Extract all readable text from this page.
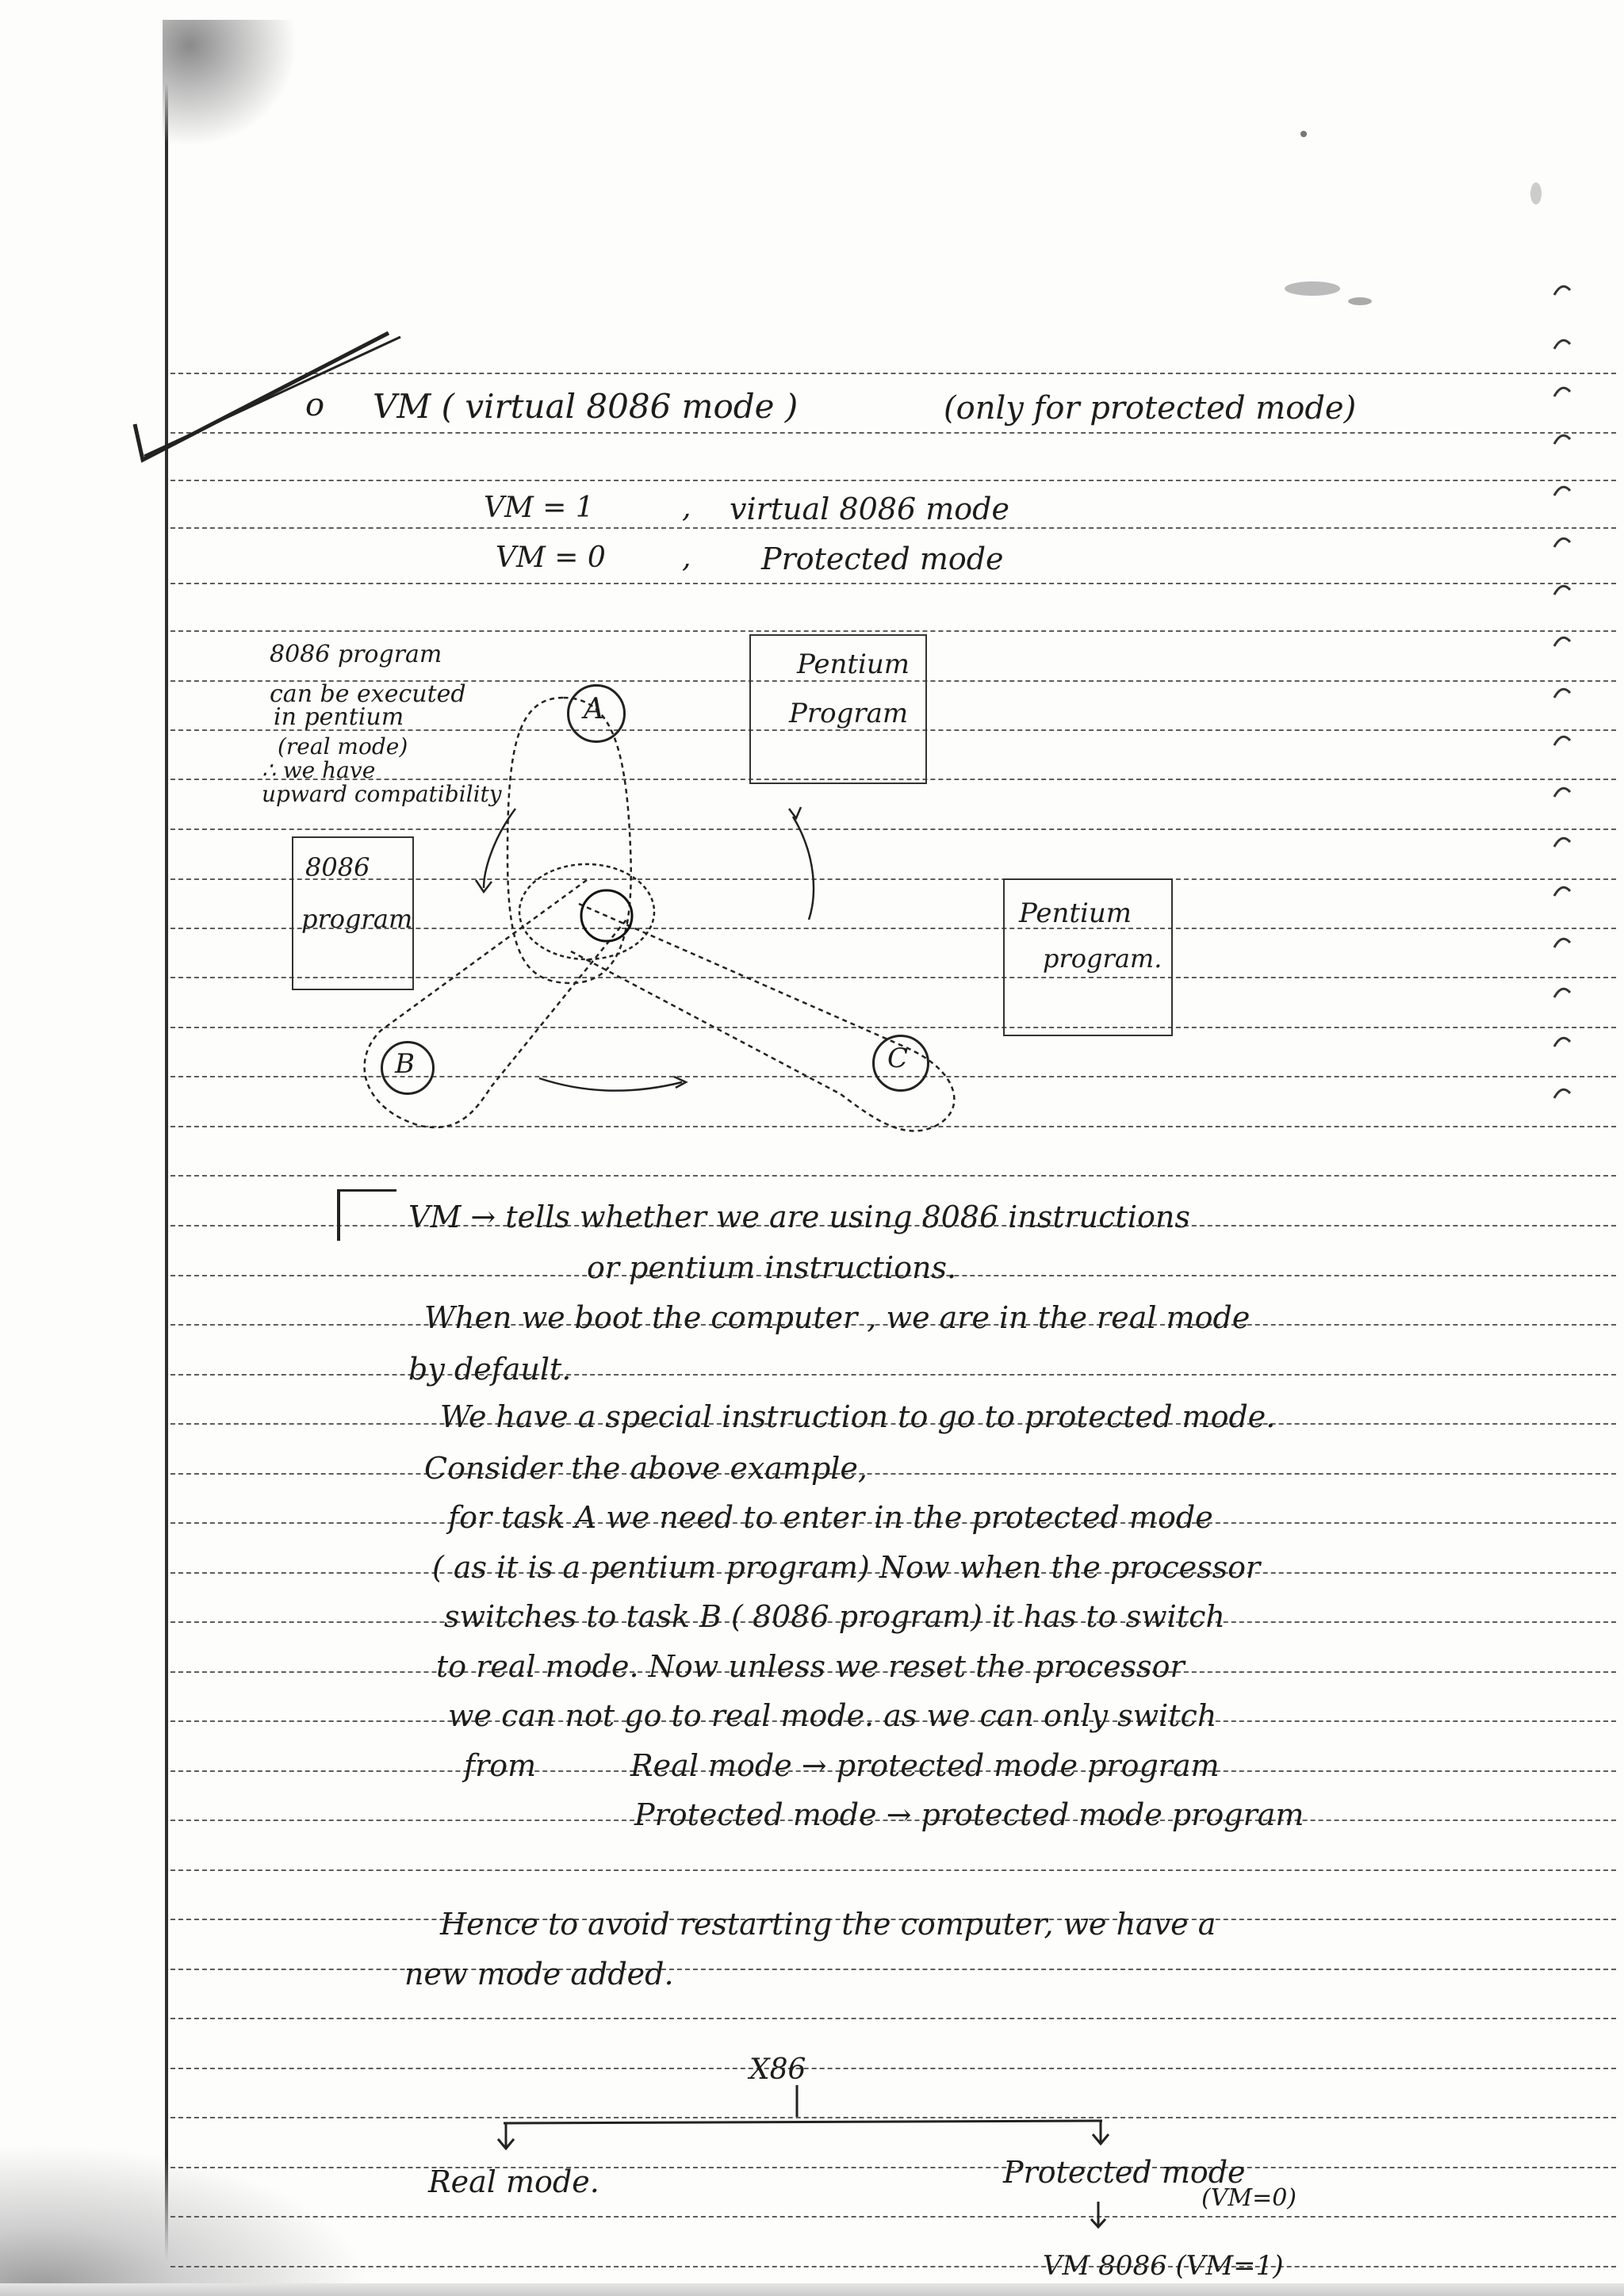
o VM ( virtual 8086 mode )	(only for protected mode)
VM = 1	, virtual 8086 mode
VM = 0	, Protected mode
8086 program
can be executed
in pentium
(real mode)
∴ we have
upward compatibility
8086
program
Pentium
Program
Pentium
program.
A
B	C
VM → tells whether we are using 8086 instructions
or pentium instructions.
When we boot the computer , we are in the real mode
by default.
We have a special instruction to go to protected mode.
Consider the above example,
for task A we need to enter in the protected mode
( as it is a pentium program) Now when the processor
switches to task B ( 8086 program) it has to switch
to real mode. Now unless we reset the processor
we can not go to real mode. as we can only switch
from	Real mode → protected mode program
Protected mode → protected mode program
Hence to avoid restarting the computer, we have a
new mode added.
X86
Real mode.	Protected mode
(VM=0)
VM 8086 (VM=1)
